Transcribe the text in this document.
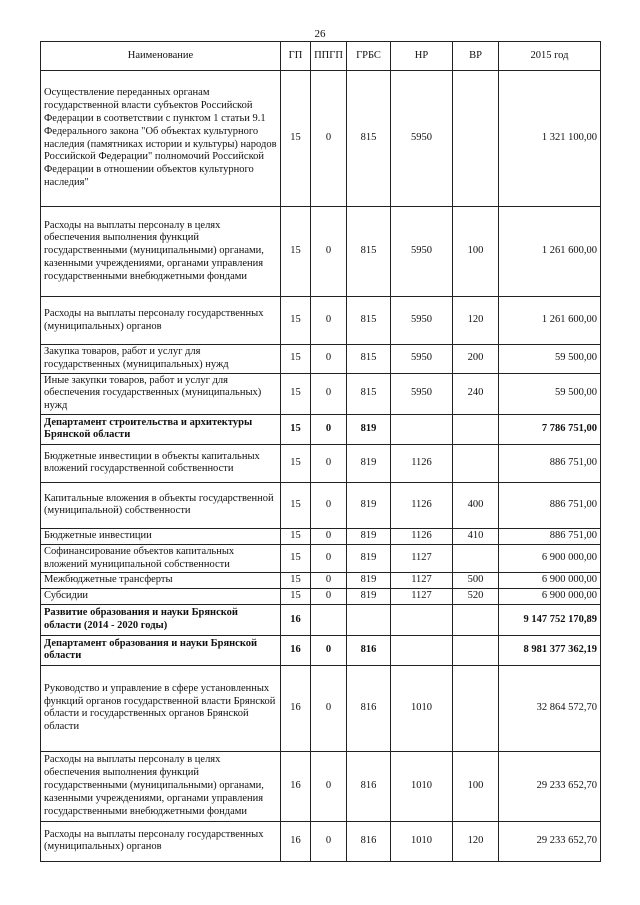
26
Наименование	ГП	ППГП	ГРБС	НР	ВР	2015 год
Осуществление переданных органам государственной власти субъектов Российской Федерации в соответствии с пунктом 1 статьи 9.1 Федерального закона "Об объектах культурного наследия (памятниках истории и культуры) народов Российской Федерации" полномочий Российской Федерации в отношении объектов культурного наследия"	15	0	815	5950		1 321 100,00
Расходы на выплаты персоналу в целях обеспечения выполнения функций государственными (муниципальными) органами, казенными учреждениями, органами управления государственными внебюджетными фондами	15	0	815	5950	100	1 261 600,00
Расходы на выплаты персоналу государственных (муниципальных) органов	15	0	815	5950	120	1 261 600,00
Закупка товаров, работ и услуг для государственных (муниципальных) нужд	15	0	815	5950	200	59 500,00
Иные закупки товаров, работ и услуг для обеспечения государственных (муниципальных) нужд	15	0	815	5950	240	59 500,00
Департамент строительства и архитектуры Брянской области	15	0	819			7 786 751,00
Бюджетные инвестиции в объекты капитальных вложений государственной собственности	15	0	819	1126		886 751,00
Капитальные вложения в объекты государственной (муниципальной) собственности	15	0	819	1126	400	886 751,00
Бюджетные инвестиции	15	0	819	1126	410	886 751,00
Софинансирование объектов капитальных вложений муниципальной собственности	15	0	819	1127		6 900 000,00
Межбюджетные трансферты	15	0	819	1127	500	6 900 000,00
Субсидии	15	0	819	1127	520	6 900 000,00
Развитие образования и науки Брянской области (2014 - 2020 годы)	16					9 147 752 170,89
Департамент образования и науки Брянской области	16	0	816			8 981 377 362,19
Руководство и управление в сфере установленных функций органов государственной власти Брянской области и государственных органов Брянской области	16	0	816	1010		32 864 572,70
Расходы на выплаты персоналу в целях обеспечения выполнения функций государственными (муниципальными) органами, казенными учреждениями, органами управления государственными внебюджетными фондами	16	0	816	1010	100	29 233 652,70
Расходы на выплаты персоналу государственных (муниципальных) органов	16	0	816	1010	120	29 233 652,70
